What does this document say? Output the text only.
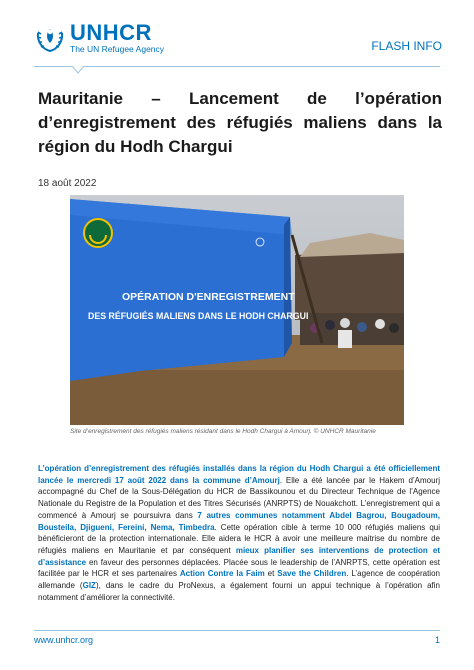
UNHCR
The UN Refugee Agency	FLASH INFO
Mauritanie – Lancement de l’opération d’enregistrement des réfugiés maliens dans la région du Hodh Chargui
18 août 2022
OPÉRATION D'ENREGISTREMENT
DES RÉFUGIÉS MALIENS DANS LE HODH CHARGUI
Site d’enregistrement des réfugiés maliens résidant dans le Hodh Chargui à Amourj. © UNHCR Mauritanie
L’opération d’enregistrement des réfugiés installés dans la région du Hodh Chargui a été officiellement lancée le mercredi 17 août 2022 dans la commune d’Amourj. Elle a été lancée par le Hakem d’Amourj accompagné du Chef de la Sous-Délégation du HCR de Bassikounou et du Directeur Technique de l’Agence Nationale du Registre de la Population et des Titres Sécurisés (ANRPTS) de Nouakchott. L’enregistrement qui a commencé à Amourj se poursuivra dans 7 autres communes notamment Abdel Bagrou, Bougadoum, Bousteila, Djigueni, Fereini, Nema, Timbedra. Cette opération cible à terme 10 000 réfugiés maliens qui bénéficieront de la protection internationale. Elle aidera le HCR à avoir une meilleure maitrise du nombre de réfugiés maliens en Mauritanie et par conséquent mieux planifier ses interventions de protection et d’assistance en faveur des personnes déplacées. Placée sous le leadership de l’ANRPTS, cette opération est facilitée par le HCR et ses partenaires Action Contre la Faim et Save the Children. L’agence de coopération allemande (GIZ), dans le cadre du ProNexus, a également fourni un appui technique à l’opération afin notamment d’améliorer la connectivité.
www.unhcr.org	1
